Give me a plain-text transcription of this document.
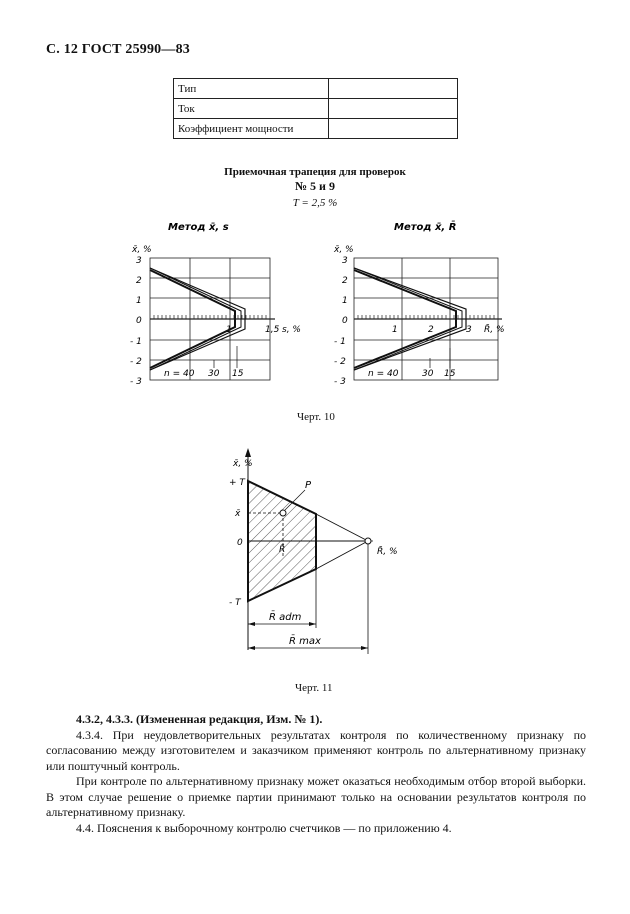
С. 12 ГОСТ 25990—83
Тип	
Ток	
Коэффициент мощности	
Приемочная трапеция для проверок
№ 5 и 9
T = 2,5 %
Метод x̄, s
x̄, %
3
2
1
0
- 1
- 2
- 3
1	1,5 s, %
n = 40 30 15
Метод x̄, R̄
x̄, %
3
2
1
0
- 1
- 2
- 3
1	2	3 R̄, %
n = 40	30 15
Черт. 10
x̄, %
+ T
x̄
0
- T
P
R̄	R̄, %
R̄ adm
R̄ max
Черт. 11

4.3.2, 4.3.3. (Измененная редакция, Изм. № 1).

4.3.4. При неудовлетворительных результатах контроля по количественному признаку по согласованию между изготовителем и заказчиком применяют контроль по альтернативному признаку или поштучный контроль.

При контроле по альтернативному признаку может оказаться необходимым отбор второй выборки. В этом случае решение о приемке партии принимают только на основании результатов контроля по альтернативному признаку.

4.4. Пояснения к выборочному контролю счетчиков — по приложению 4.
